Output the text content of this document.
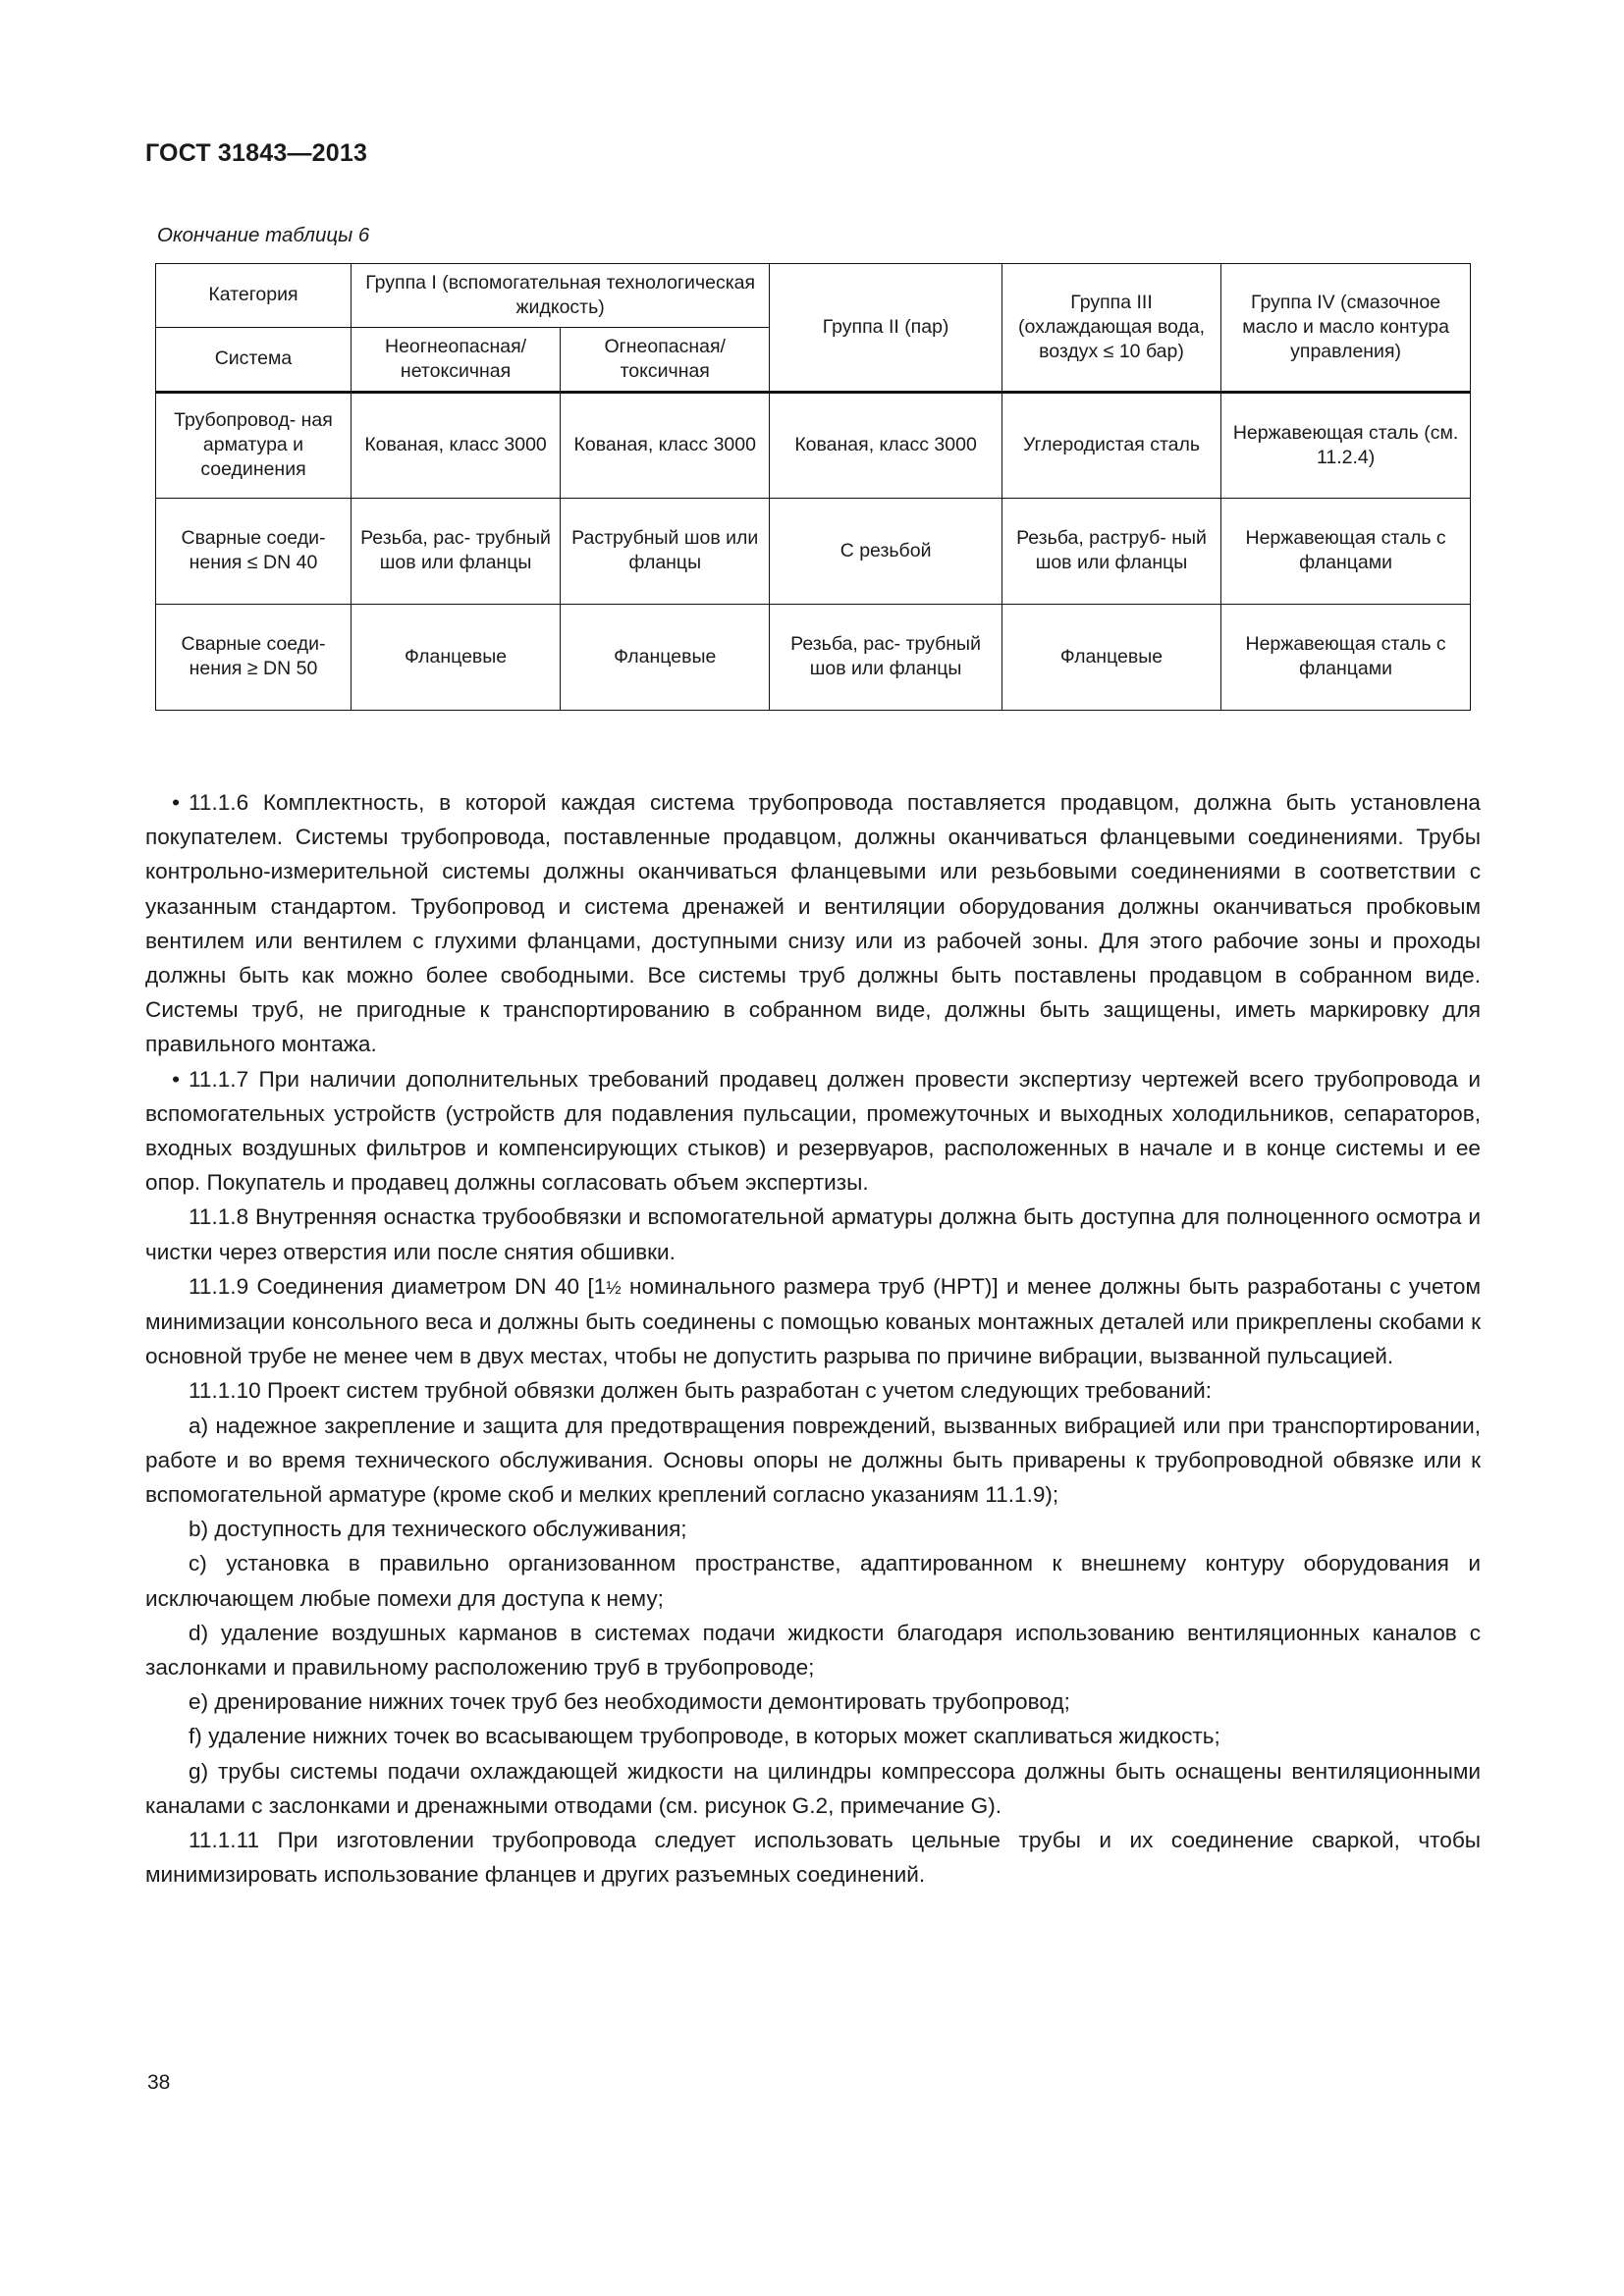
ГОСТ 31843—2013
Окончание таблицы 6
Категория	Группа I (вспомогательная технологическая жидкость)		Группа II (пар)	Группа III (охлаждающая вода, воздух ≤ 10 бар)	Группа IV (смазочное масло и масло контура управления)
Система	Неогнеопасная/ нетоксичная	Огнеопасная/ токсичная			
Трубопровод- ная арматура и соединения	Кованая, класс 3000	Кованая, класс 3000	Кованая, класс 3000	Углеродистая сталь	Нержавеющая сталь (см. 11.2.4)
Сварные соеди- нения ≤ DN 40	Резьба, рас- трубный шов или фланцы	Раструбный шов или фланцы	С резьбой	Резьба, раструб- ный шов или фланцы	Нержавеющая сталь с фланцами
Сварные соеди- нения ≥ DN 50	Фланцевые	Фланцевые	Резьба, рас- трубный шов или фланцы	Фланцевые	Нержавеющая сталь с фланцами

• 11.1.6 Комплектность, в которой каждая система трубопровода поставляется продавцом, должна быть установлена покупателем. Системы трубопровода, поставленные продавцом, должны оканчиваться фланцевыми соединениями. Трубы контрольно-измерительной системы должны оканчиваться фланцевыми или резьбовыми соединениями в соответствии с указанным стандартом. Трубопровод и система дренажей и вентиляции оборудования должны оканчиваться пробковым вентилем или вентилем с глухими фланцами, доступными снизу или из рабочей зоны. Для этого рабочие зоны и проходы должны быть как можно более свободными. Все системы труб должны быть поставлены продавцом в собранном виде. Системы труб, не пригодные к транспортированию в собранном виде, должны быть защищены, иметь маркировку для правильного монтажа.

• 11.1.7 При наличии дополнительных требований продавец должен провести экспертизу чертежей всего трубопровода и вспомогательных устройств (устройств для подавления пульсации, промежуточных и выходных холодильников, сепараторов, входных воздушных фильтров и компенсирующих стыков) и резервуаров, расположенных в начале и в конце системы и ее опор. Покупатель и продавец должны согласовать объем экспертизы.

11.1.8 Внутренняя оснастка трубообвязки и вспомогательной арматуры должна быть доступна для полноценного осмотра и чистки через отверстия или после снятия обшивки.

11.1.9 Соединения диаметром DN 40 [1½ номинального размера труб (HPT)] и менее должны быть разработаны с учетом минимизации консольного веса и должны быть соединены с помощью кованых монтажных деталей или прикреплены скобами к основной трубе не менее чем в двух местах, чтобы не допустить разрыва по причине вибрации, вызванной пульсацией.

11.1.10 Проект систем трубной обвязки должен быть разработан с учетом следующих требований:

a) надежное закрепление и защита для предотвращения повреждений, вызванных вибрацией или при транспортировании, работе и во время технического обслуживания. Основы опоры не должны быть приварены к трубопроводной обвязке или к вспомогательной арматуре (кроме скоб и мелких креплений согласно указаниям 11.1.9);

b) доступность для технического обслуживания;

c) установка в правильно организованном пространстве, адаптированном к внешнему контуру оборудования и исключающем любые помехи для доступа к нему;

d) удаление воздушных карманов в системах подачи жидкости благодаря использованию вентиляционных каналов с заслонками и правильному расположению труб в трубопроводе;

e) дренирование нижних точек труб без необходимости демонтировать трубопровод;

f) удаление нижних точек во всасывающем трубопроводе, в которых может скапливаться жидкость;

g) трубы системы подачи охлаждающей жидкости на цилиндры компрессора должны быть оснащены вентиляционными каналами с заслонками и дренажными отводами (см. рисунок G.2, примечание G).

11.1.11 При изготовлении трубопровода следует использовать цельные трубы и их соединение сваркой, чтобы минимизировать использование фланцев и других разъемных соединений.

38
